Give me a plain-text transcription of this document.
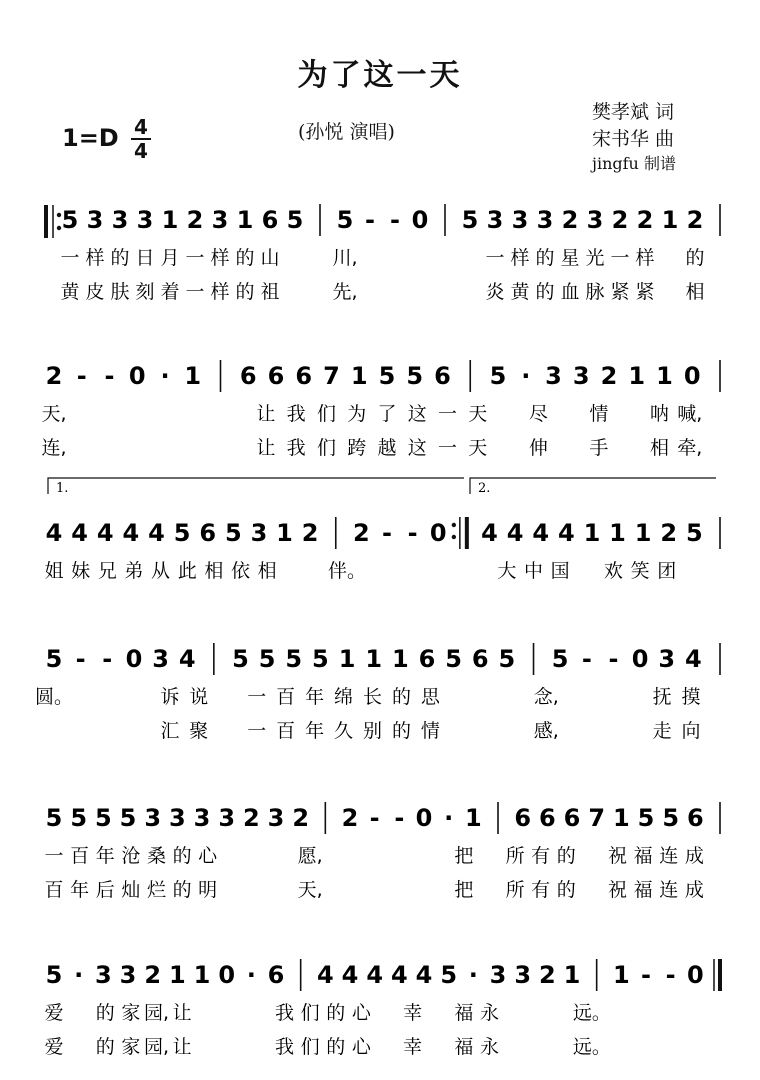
为了这一天
1=D 4
4
(孙悦 演唱)
樊孝斌 词
宋书华 曲
jingfu 制谱
5 3 3 3 1 2 3 1 6 5 5 - - 0 5 3 3 3 2 3 2 2 1 2
一 样 的 日 月 一 样 的 山	川,	一 样 的 星 光 一 样 的
黄 皮 肤 刻 着 一 样 的 祖	先,	炎 黄 的 血 脉 紧 紧 相
2 - - 0 · 1 6 6 6 7 1 5 5 6 5 · 3 3 2 1 1 0
天,	让 我 们 为 了 这 一 天 尽 情 呐 喊,
连,	让 我 们 跨 越 这 一 天 伸 手 相 牵,
4 4 4 4 4 5 6 5 3 1 2 2 - - 0 4 4 4 4 1 1 1 2 5
姐 妹 兄 弟 从 此 相 依 相	伴。	大 中 国 欢 笑 团
5 - - 0 3 4 5 5 5 5 1 1 1 6 5 6 5 5 - - 0 3 4
圆。	诉 说 一 百 年 绵 长 的 思	念,	抚 摸
汇 聚 一 百 年 久 别 的 情	感,	走 向
5 5 5 5 3 3 3 3 2 3 2 2 - - 0 · 1 6 6 6 7 1 5 5 6
一 百 年 沧 桑 的 心	愿,	把 所 有 的 祝 福 连 成
百 年 后 灿 烂 的 明	天,	把 所 有 的 祝 福 连 成
5 · 3 3 2 1 1 0 · 6 4 4 4 4 4 5 · 3 3 2 1 1 - - 0
爱 的 家 园, 让	我 们 的 心 幸 福 永	远。
爱 的 家 园, 让	我 们 的 心 幸 福 永	远。
1.	2.
